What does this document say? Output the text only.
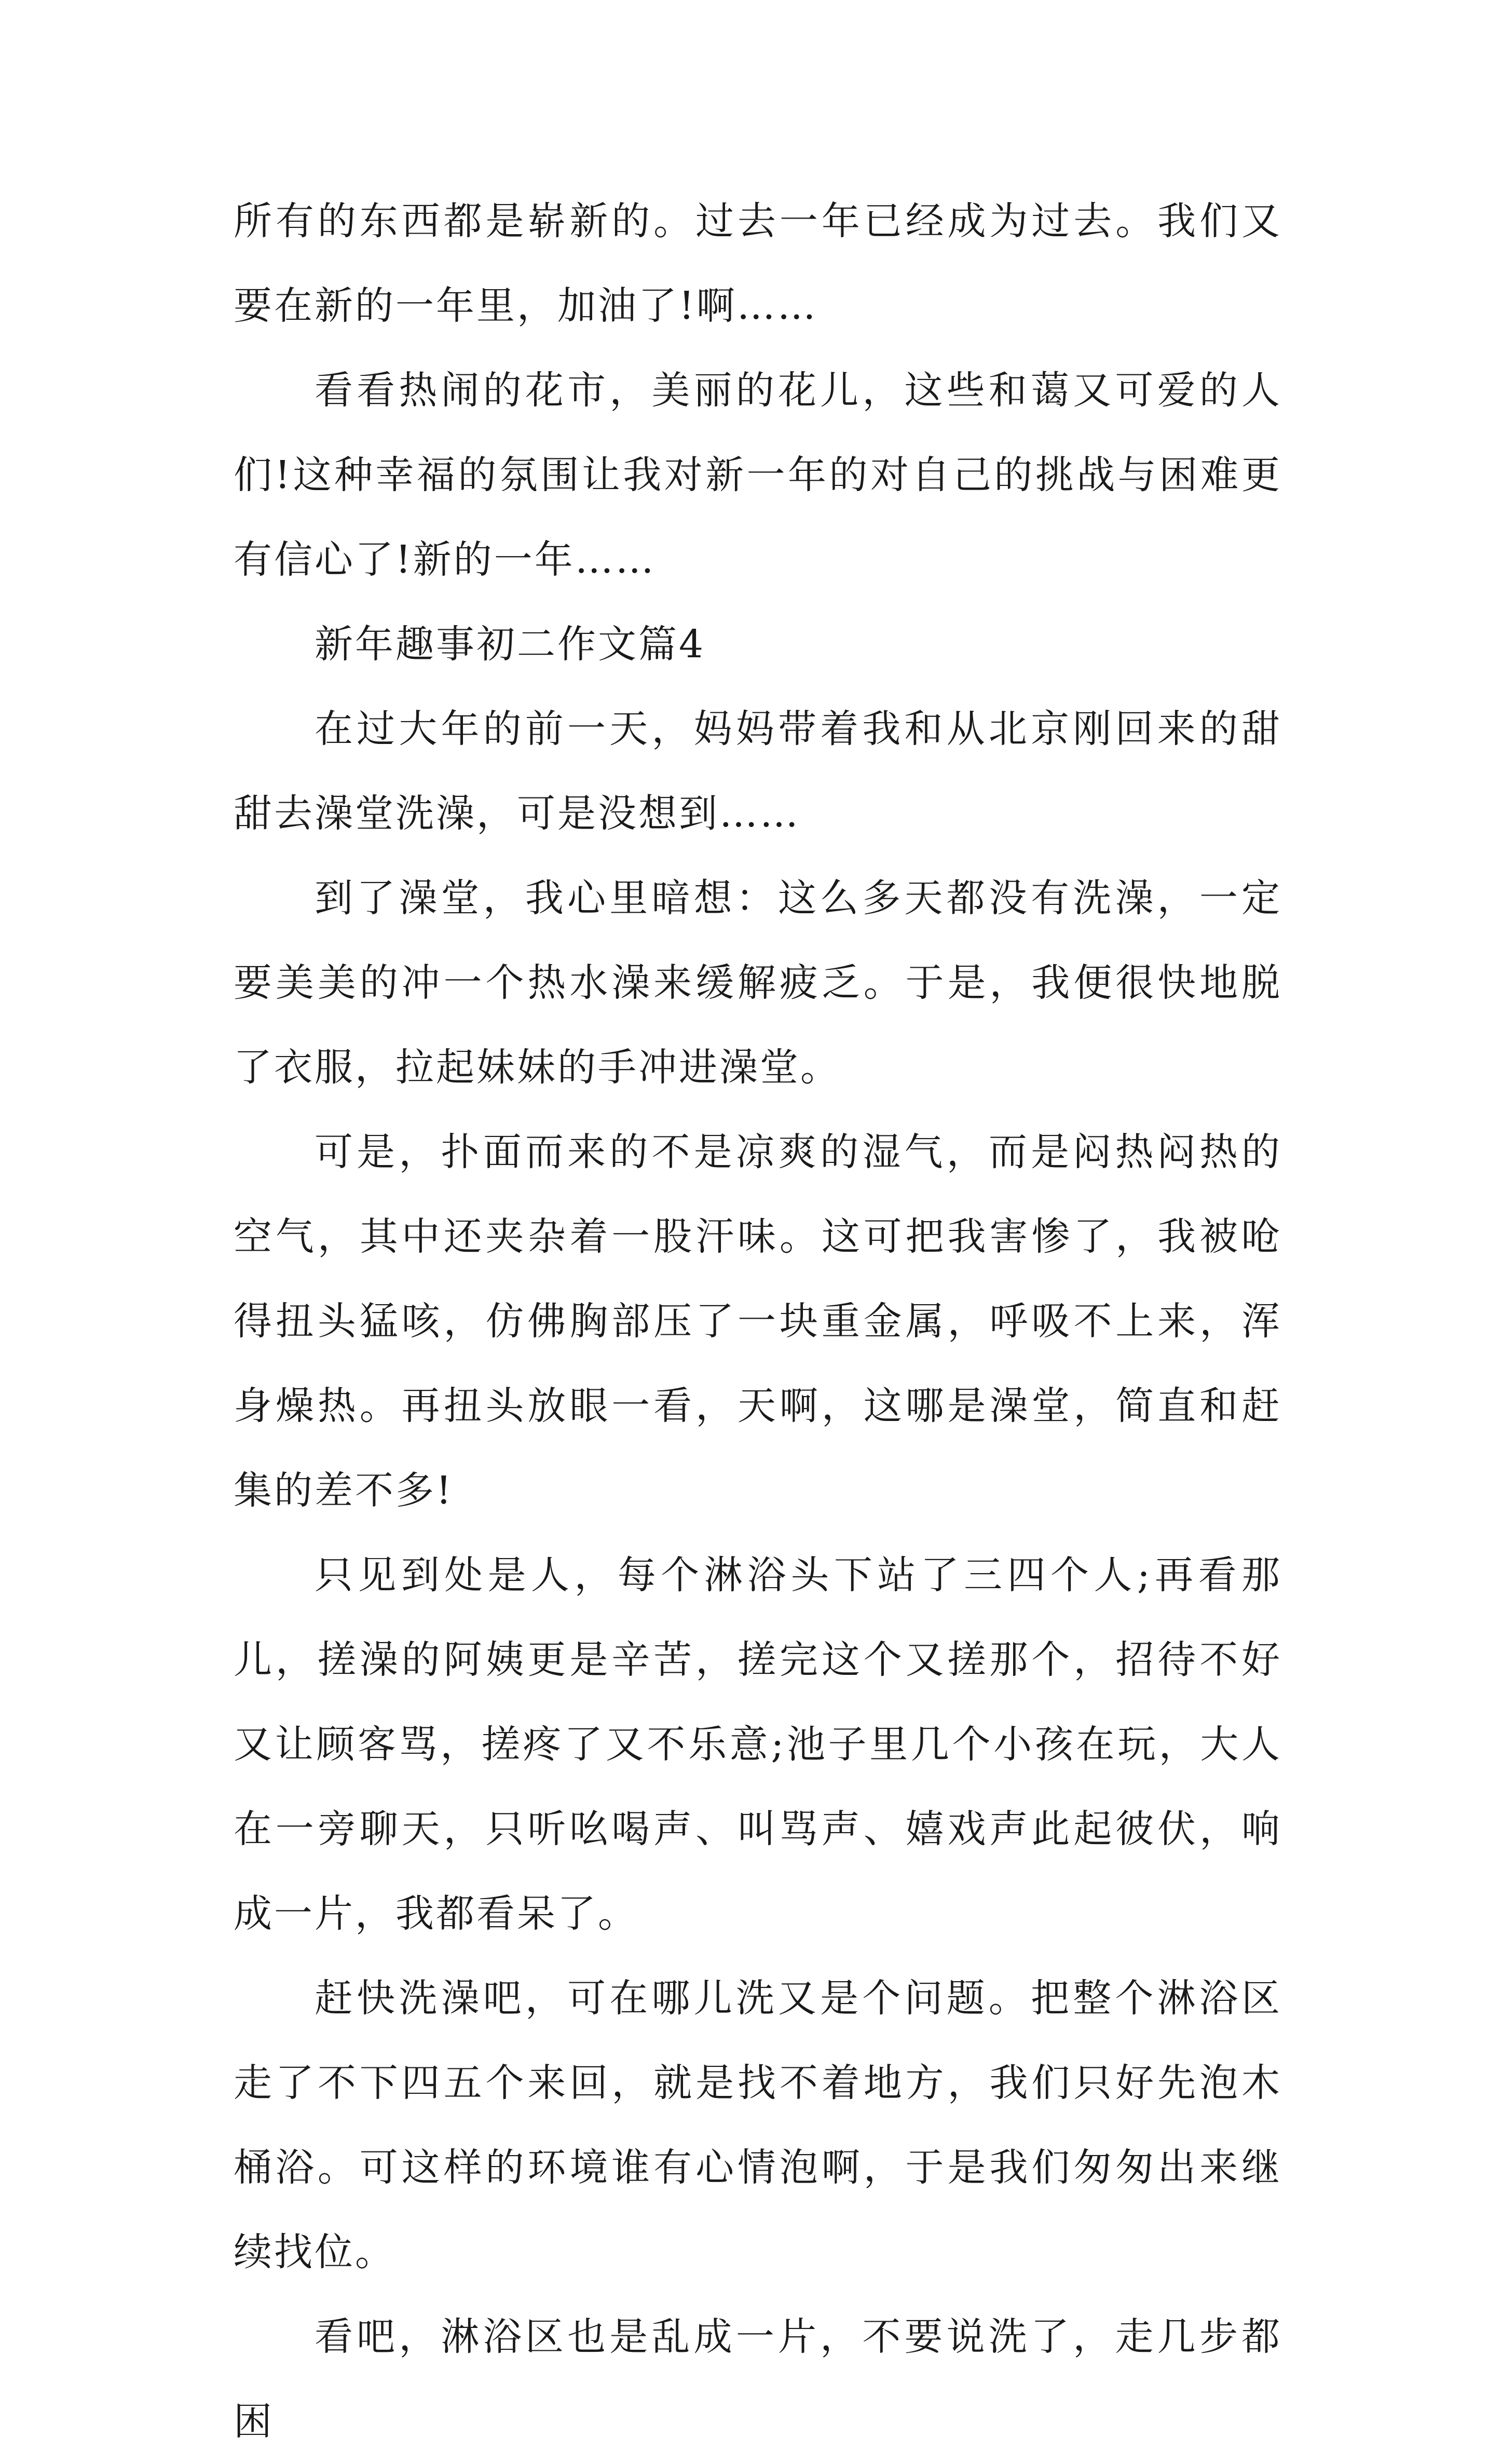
所有的东西都是崭新的。过去一年已经成为过去。我们又要在新的一年里，加油了!啊……

看看热闹的花市，美丽的花儿，这些和蔼又可爱的人们!这种幸福的氛围让我对新一年的对自己的挑战与困难更有信心了!新的一年……

新年趣事初二作文篇4

在过大年的前一天，妈妈带着我和从北京刚回来的甜甜去澡堂洗澡，可是没想到……

到了澡堂，我心里暗想：这么多天都没有洗澡，一定要美美的冲一个热水澡来缓解疲乏。于是，我便很快地脱了衣服，拉起妹妹的手冲进澡堂。

可是，扑面而来的不是凉爽的湿气，而是闷热闷热的空气，其中还夹杂着一股汗味。这可把我害惨了，我被呛得扭头猛咳，仿佛胸部压了一块重金属，呼吸不上来，浑身燥热。再扭头放眼一看，天啊，这哪是澡堂，简直和赶集的差不多!

只见到处是人，每个淋浴头下站了三四个人;再看那儿，搓澡的阿姨更是辛苦，搓完这个又搓那个，招待不好又让顾客骂，搓疼了又不乐意;池子里几个小孩在玩，大人在一旁聊天，只听吆喝声、叫骂声、嬉戏声此起彼伏，响成一片，我都看呆了。

赶快洗澡吧，可在哪儿洗又是个问题。把整个淋浴区走了不下四五个来回，就是找不着地方，我们只好先泡木桶浴。可这样的环境谁有心情泡啊，于是我们匆匆出来继续找位。

看吧，淋浴区也是乱成一片，不要说洗了，走几步都困
